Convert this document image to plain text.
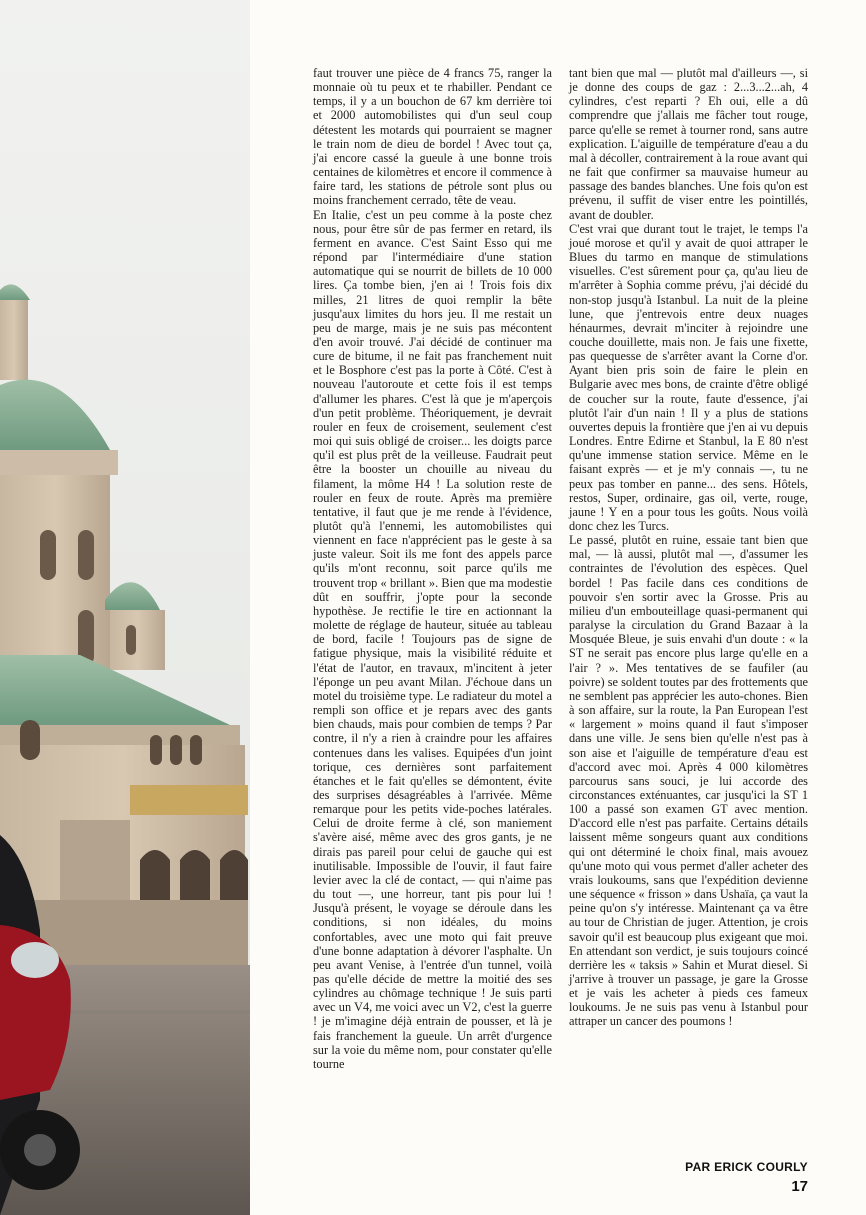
faut trouver une pièce de 4 francs 75, ranger la monnaie où tu peux et te rhabiller. Pendant ce temps, il y a un bouchon de 67 km derrière toi et 2000 automobilistes qui d'un seul coup détestent les motards qui pourraient se magner le train nom de dieu de bordel ! Avec tout ça, j'ai encore cassé la gueule à une bonne trois centaines de kilomètres et encore il commence à faire tard, les stations de pétrole sont plus ou moins franchement cerrado, tête de veau.

En Italie, c'est un peu comme à la poste chez nous, pour être sûr de pas fermer en retard, ils ferment en avance. C'est Saint Esso qui me répond par l'intermédiaire d'une station automatique qui se nourrit de billets de 10 000 lires. Ça tombe bien, j'en ai ! Trois fois dix milles, 21 litres de quoi remplir la bête jusqu'aux limites du hors jeu. Il me restait un peu de marge, mais je ne suis pas mécontent d'en avoir trouvé. J'ai décidé de continuer ma cure de bitume, il ne fait pas franchement nuit et le Bosphore c'est pas la porte à Côté. C'est à nouveau l'autoroute et cette fois il est temps d'allumer les phares. C'est là que je m'aperçois d'un petit problème. Théoriquement, je devrait rouler en feux de croisement, seulement c'est moi qui suis obligé de croiser... les doigts parce qu'il est plus prêt de la veilleuse. Faudrait peut être la booster un chouille au niveau du filament, la môme H4 ! La solution reste de rouler en feux de route. Après ma première tentative, il faut que je me rende à l'évidence, plutôt qu'à l'ennemi, les automobilistes qui viennent en face n'apprécient pas le geste à sa juste valeur. Soit ils me font des appels parce qu'ils m'ont reconnu, soit parce qu'ils me trouvent trop « brillant ». Bien que ma modestie dût en souffrir, j'opte pour la seconde hypothèse. Je rectifie le tire en actionnant la molette de réglage de hauteur, située au tableau de bord, facile ! Toujours pas de signe de fatigue physique, mais la visibilité réduite et l'état de l'autor, en travaux, m'incitent à jeter l'éponge un peu avant Milan. J'échoue dans un motel du troisième type. Le radiateur du motel a rempli son office et je repars avec des gants bien chauds, mais pour combien de temps ? Par contre, il n'y a rien à craindre pour les affaires contenues dans les valises. Equipées d'un joint torique, ces dernières sont parfaitement étanches et le fait qu'elles se démontent, évite des surprises désagréables à l'arrivée. Même remarque pour les petits vide-poches latérales. Celui de droite ferme à clé, son maniement s'avère aisé, même avec des gros gants, je ne dirais pas pareil pour celui de gauche qui est inutilisable. Impossible de l'ouvir, il faut faire levier avec la clé de contact, — qui n'aime pas du tout —, une horreur, tant pis pour lui ! Jusqu'à présent, le voyage se déroule dans les conditions, si non idéales, du moins confortables, avec une moto qui fait preuve d'une bonne adaptation à dévorer l'asphalte. Un peu avant Venise, à l'entrée d'un tunnel, voilà pas qu'elle décide de mettre la moitié des ses cylindres au chômage technique ! Je suis parti avec un V4, me voici avec un V2, c'est la guerre ! je m'imagine déjà entrain de pousser, et là je fais franchement la gueule. Un arrêt d'urgence sur la voie du même nom, pour constater qu'elle tourne

tant bien que mal — plutôt mal d'ailleurs —, si je donne des coups de gaz : 2...3...2...ah, 4 cylindres, c'est reparti ? Eh oui, elle a dû comprendre que j'allais me fâcher tout rouge, parce qu'elle se remet à tourner rond, sans autre explication. L'aiguille de température d'eau a du mal à décoller, contrairement à la roue avant qui ne fait que confirmer sa mauvaise humeur au passage des bandes blanches. Une fois qu'on est prévenu, il suffit de viser entre les pointillés, avant de doubler.

C'est vrai que durant tout le trajet, le temps l'a joué morose et qu'il y avait de quoi attraper le Blues du tarmo en manque de stimulations visuelles. C'est sûrement pour ça, qu'au lieu de m'arrêter à Sophia comme prévu, j'ai décidé du non-stop jusqu'à Istanbul. La nuit de la pleine lune, que j'entrevois entre deux nuages hénaurmes, devrait m'inciter à rejoindre une couche douillette, mais non. Je fais une fixette, pas quequesse de s'arrêter avant la Corne d'or. Ayant bien pris soin de faire le plein en Bulgarie avec mes bons, de crainte d'être obligé de coucher sur la route, faute d'essence, j'ai plutôt l'air d'un nain ! Il y a plus de stations ouvertes depuis la frontière que j'en ai vu depuis Londres. Entre Edirne et Stanbul, la E 80 n'est qu'une immense station service. Même en le faisant exprès — et je m'y connais —, tu ne peux pas tomber en panne... des sens. Hôtels, restos, Super, ordinaire, gas oil, verte, rouge, jaune ! Y en a pour tous les goûts. Nous voilà donc chez les Turcs.

Le passé, plutôt en ruine, essaie tant bien que mal, — là aussi, plutôt mal —, d'assumer les contraintes de l'évolution des espèces. Quel bordel ! Pas facile dans ces conditions de pouvoir s'en sortir avec la Grosse. Pris au milieu d'un embouteillage quasi-permanent qui paralyse la circulation du Grand Bazaar à la Mosquée Bleue, je suis envahi d'un doute : « la ST ne serait pas encore plus large qu'elle en a l'air ? ». Mes tentatives de se faufiler (au poivre) se soldent toutes par des frottements que ne semblent pas apprécier les auto-chones. Bien à son affaire, sur la route, la Pan European l'est « largement » moins quand il faut s'imposer dans une ville. Je sens bien qu'elle n'est pas à son aise et l'aiguille de température d'eau est d'accord avec moi. Après 4 000 kilomètres parcourus sans souci, je lui accorde des circonstances exténuantes, car jusqu'ici la ST 1 100 a passé son examen GT avec mention. D'accord elle n'est pas parfaite. Certains détails laissent même songeurs quant aux conditions qui ont déterminé le choix final, mais avouez qu'une moto qui vous permet d'aller acheter des vrais loukoums, sans que l'expédition devienne une séquence « frisson » dans Ushaïa, ça vaut la peine qu'on s'y intéresse. Maintenant ça va être au tour de Christian de juger. Attention, je crois savoir qu'il est beaucoup plus exigeant que moi. En attendant son verdict, je suis toujours coincé derrière les « taksis » Sahin et Murat diesel. Si j'arrive à trouver un passage, je gare la Grosse et je vais les acheter à pieds ces fameux loukoums. Je ne suis pas venu à Istanbul pour attraper un cancer des poumons !

PAR ERICK COURLY
17
